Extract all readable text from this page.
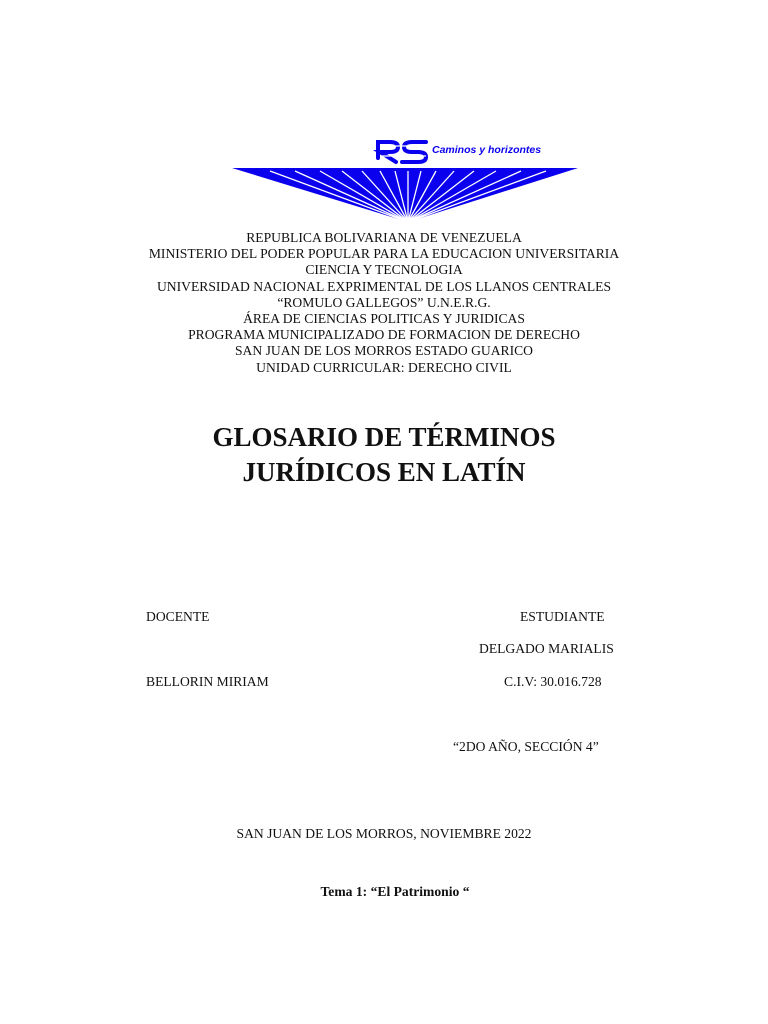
Caminos y horizontes
REPUBLICA BOLIVARIANA DE VENEZUELA
MINISTERIO DEL PODER POPULAR PARA LA EDUCACION UNIVERSITARIA
CIENCIA Y TECNOLOGIA
UNIVERSIDAD NACIONAL EXPRIMENTAL DE LOS LLANOS CENTRALES
“ROMULO GALLEGOS” U.N.E.R.G.
ÁREA DE CIENCIAS POLITICAS Y JURIDICAS
PROGRAMA MUNICIPALIZADO DE FORMACION DE DERECHO
SAN JUAN DE LOS MORROS ESTADO GUARICO
UNIDAD CURRICULAR: DERECHO CIVIL
GLOSARIO DE TÉRMINOS
JURÍDICOS EN LATÍN
DOCENTE	ESTUDIANTE
DELGADO MARIALIS
BELLORIN MIRIAM	C.I.V: 30.016.728
“2DO AÑO, SECCIÓN 4”
SAN JUAN DE LOS MORROS, NOVIEMBRE 2022
Tema 1: “El Patrimonio “
